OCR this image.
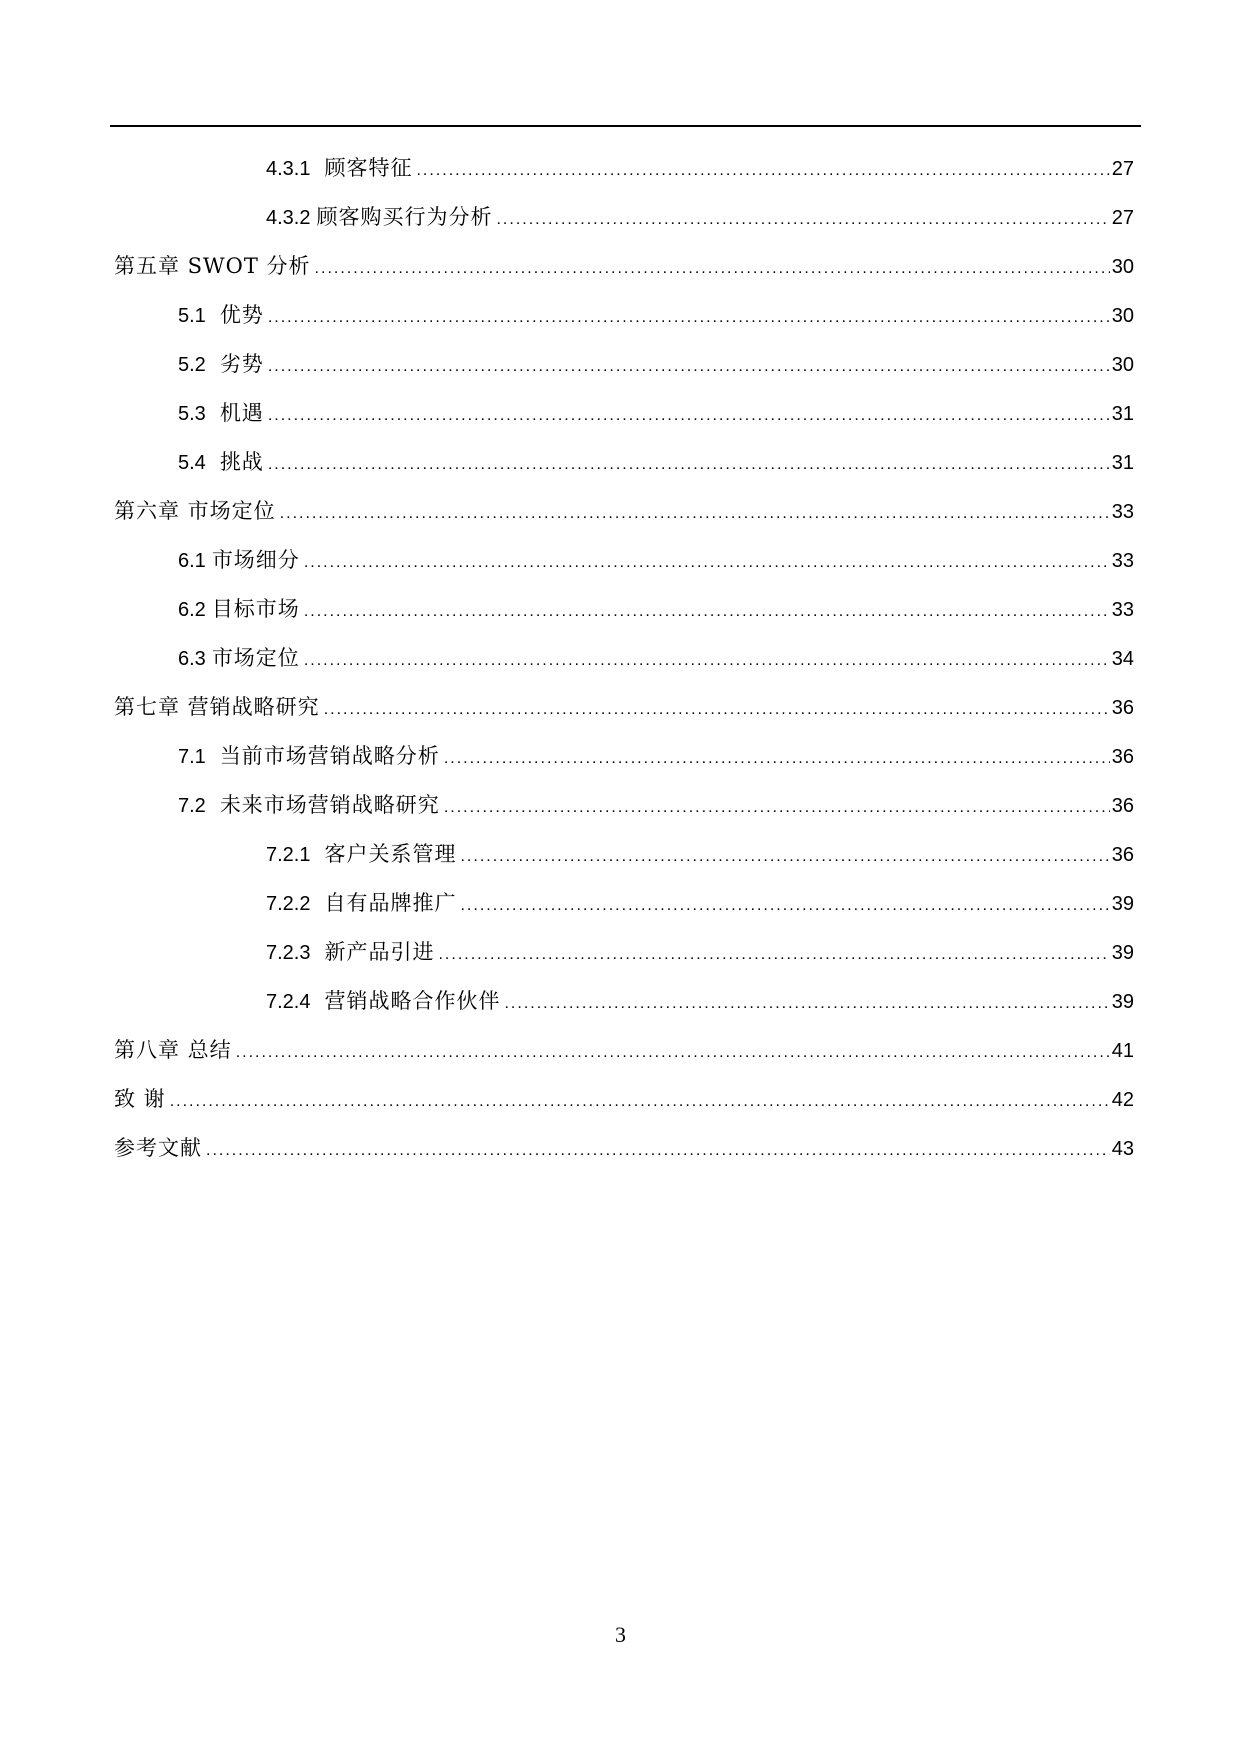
4.3.1 顾客特征 .....	27
4.3.2 顾客购买行为分析 .....	27
第五章 SWOT 分析 .....	30
5.1 优势 .....	30
5.2 劣势 .....	30
5.3 机遇 .....	31
5.4 挑战 .....	31
第六章 市场定位 .....	33
6.1 市场细分 .....	33
6.2 目标市场 .....	33
6.3 市场定位 .....	34
第七章 营销战略研究 .....	36
7.1 当前市场营销战略分析 .....	36
7.2 未来市场营销战略研究 .....	36
7.2.1 客户关系管理 .....	36
7.2.2 自有品牌推广 .....	39
7.2.3 新产品引进 .....	39
7.2.4 营销战略合作伙伴 .....	39
第八章 总结 .....	41
致 谢 .....	42
参考文献 .....	43
3
